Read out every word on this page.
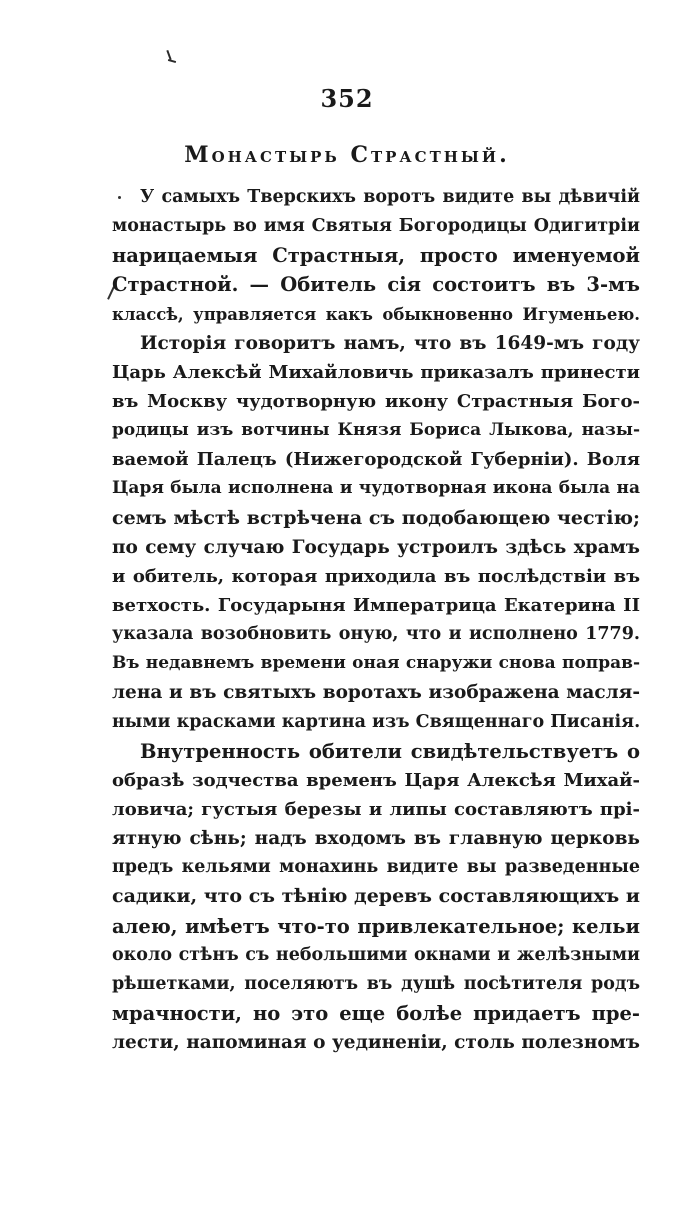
352
Монастырь Страстный.
У самыхъ Тверскихъ воротъ видите вы дѣвичій
монастырь во имя Святыя Богородицы Одигитріи
нарицаемыя Страстныя, просто именуемой
Страстной. — Обитель сія состоитъ въ 3-мъ
классѣ, управляется какъ обыкновенно Игуменьею.
Исторія говоритъ намъ, что въ 1649-мъ году
Царь Алексѣй Михайловичь приказалъ принести
въ Москву чудотворную икону Страстныя Бого-
родицы изъ вотчины Князя Бориса Лыкова, назы-
ваемой Палецъ (Нижегородской Губерніи). Воля
Царя была исполнена и чудотворная икона была на
семъ мѣстѣ встрѣчена съ подобающею честію;
по сему случаю Государь устроилъ здѣсь храмъ
и обитель, которая приходила въ послѣдствіи въ
ветхость. Государыня Императрица Екатерина II
указала возобновить оную, что и исполнено 1779.
Въ недавнемъ времени оная снаружи снова поправ-
лена и въ святыхъ воротахъ изображена масля-
ными красками картина изъ Священнаго Писанія.
Внутренность обители свидѣтельствуетъ о
образѣ зодчества временъ Царя Алексѣя Михай-
ловича; густыя березы и липы составляютъ прі-
ятную сѣнь; надъ входомъ въ главную церковь
предъ кельями монахинь видите вы разведенные
садики, что съ тѣнію деревъ составляющихъ и
алею, имѣетъ что-то привлекательное; кельи
около стѣнъ съ небольшими окнами и желѣзными
рѣшетками, поселяютъ въ душѣ посѣтителя родъ
мрачности, но это еще болѣе придаетъ пре-
лести, напоминая о уединеніи, столь полезномъ
